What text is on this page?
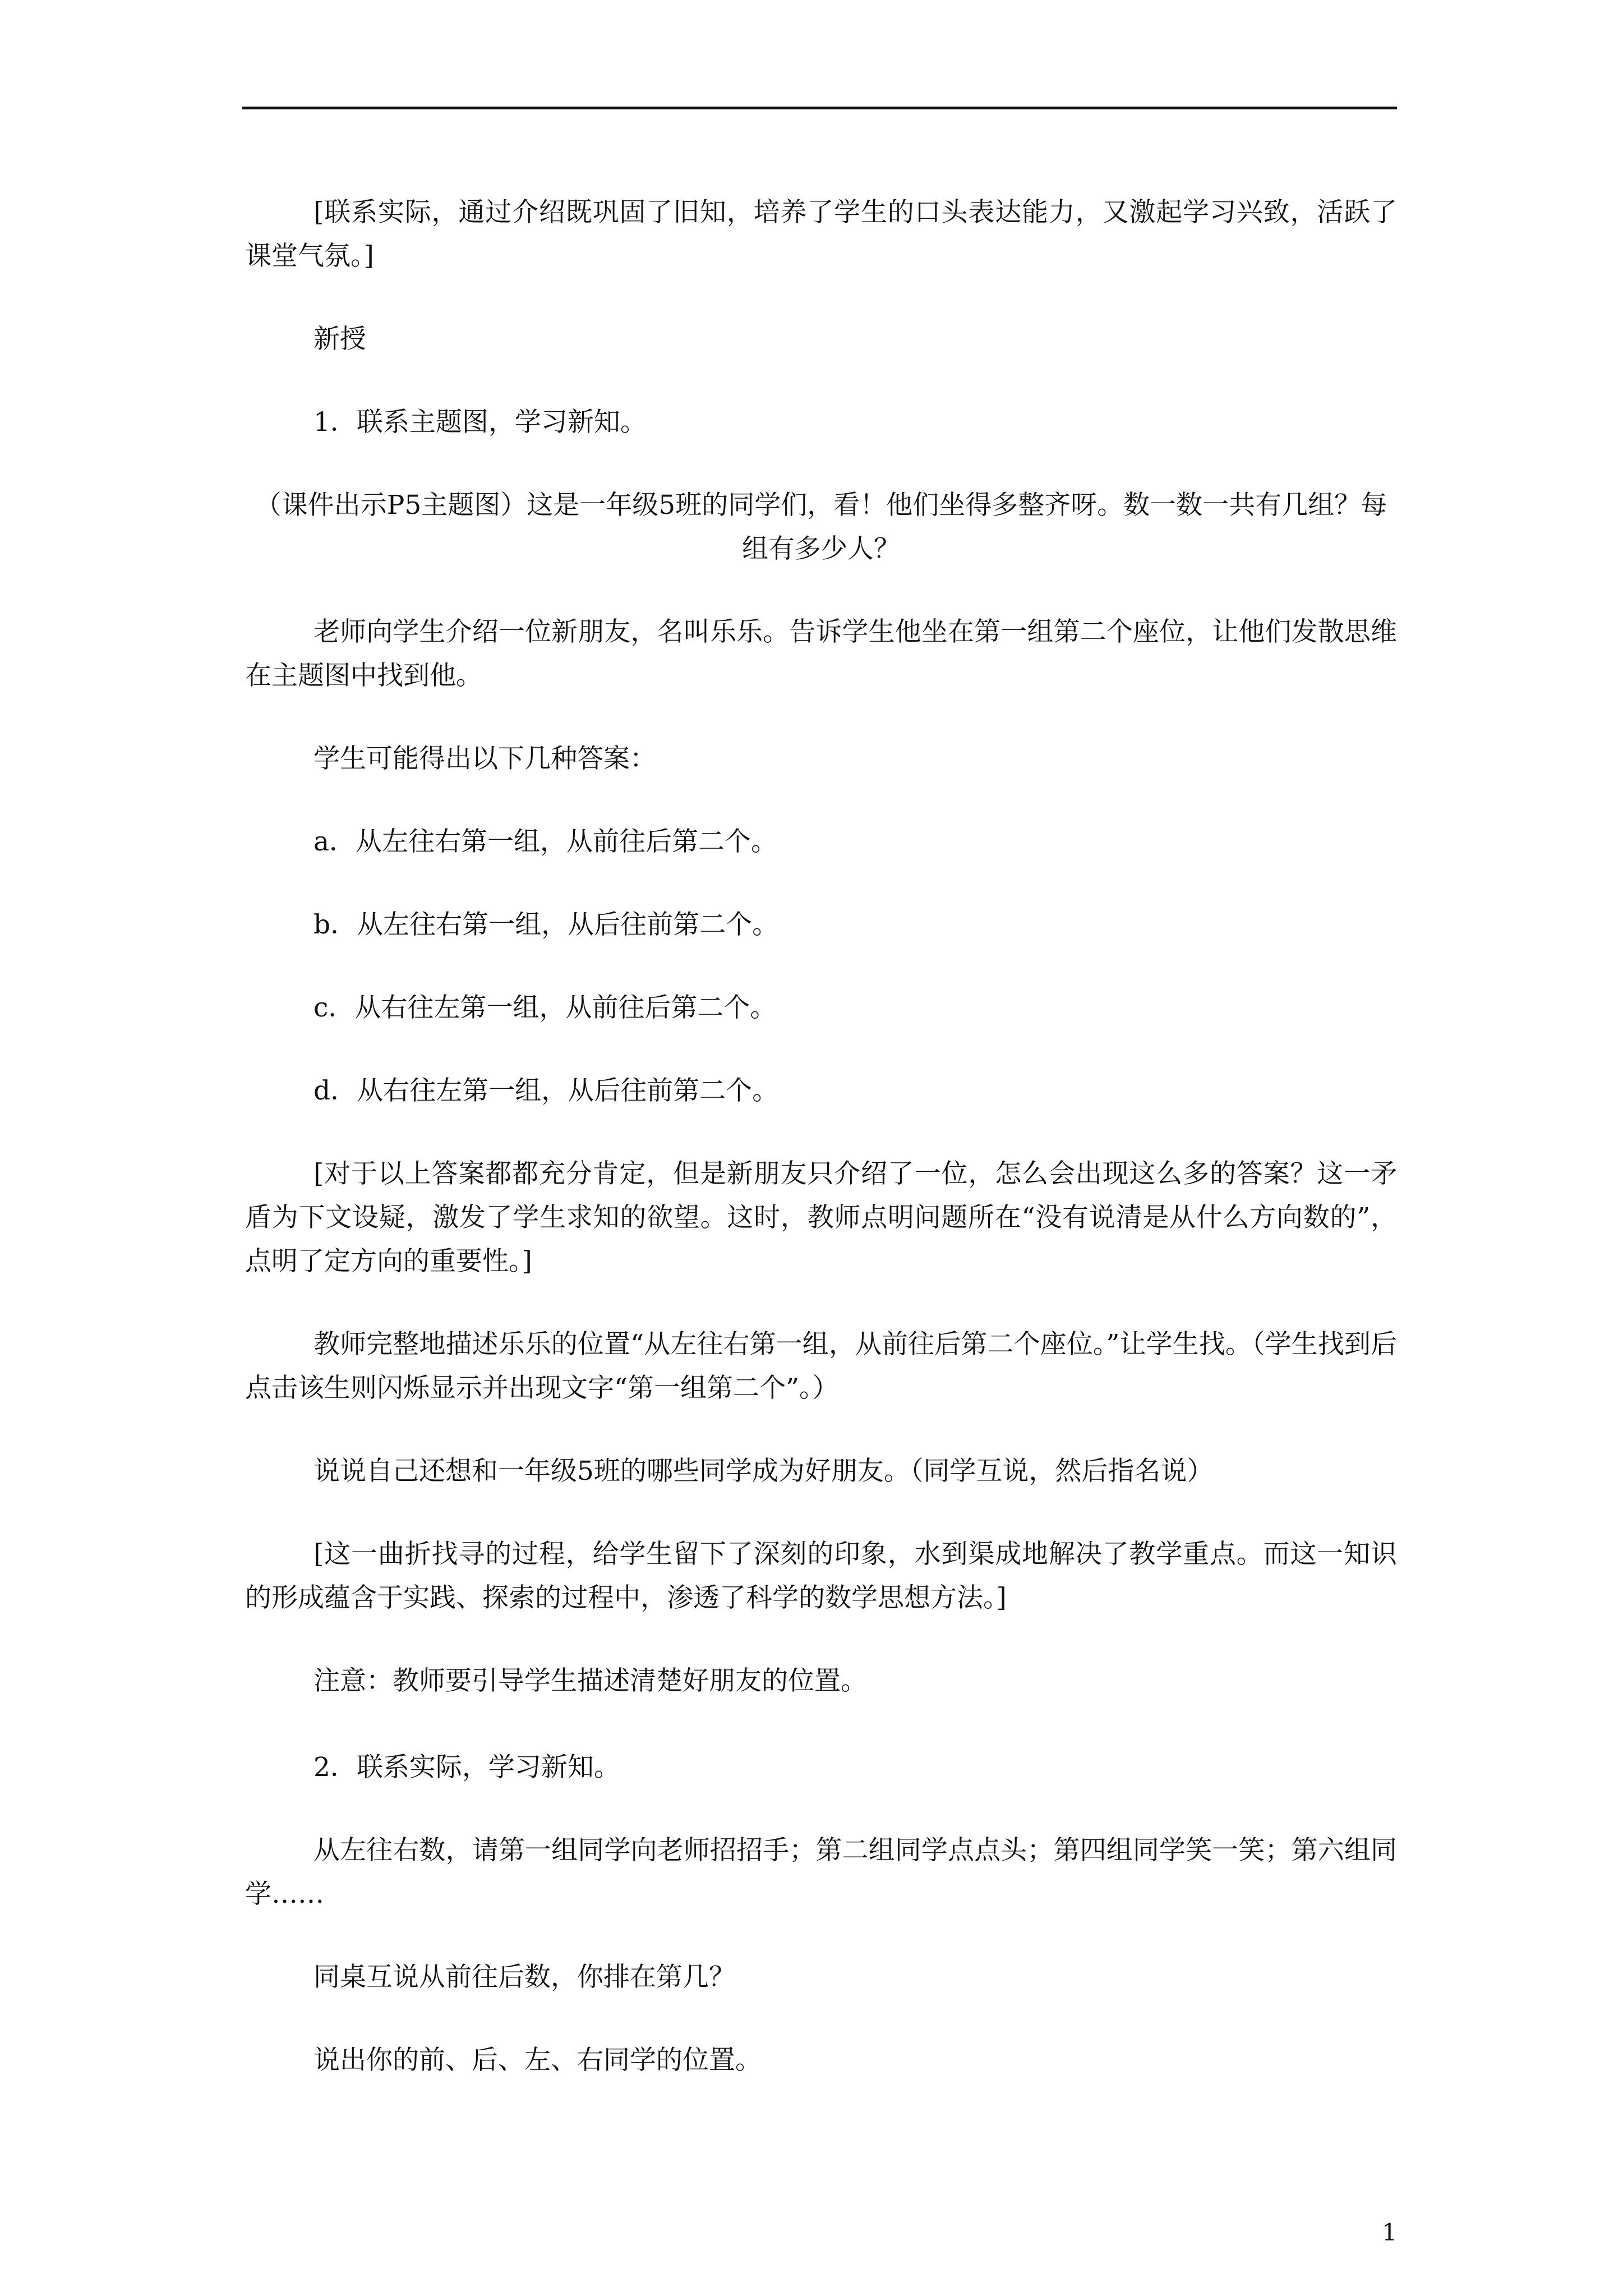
[联系实际，通过介绍既巩固了旧知，培养了学生的口头表达能力，又激起学习兴致，活跃了课堂气氛。]

新授

1．联系主题图，学习新知。

（课件出示P5主题图）这是一年级5班的同学们，看！他们坐得多整齐呀。数一数一共有几组？每组有多少人？

老师向学生介绍一位新朋友，名叫乐乐。告诉学生他坐在第一组第二个座位，让他们发散思维在主题图中找到他。

学生可能得出以下几种答案：

a．从左往右第一组，从前往后第二个。

b．从左往右第一组，从后往前第二个。

c．从右往左第一组，从前往后第二个。

d．从右往左第一组，从后往前第二个。

[对于以上答案都都充分肯定，但是新朋友只介绍了一位，怎么会出现这么多的答案？这一矛盾为下文设疑，激发了学生求知的欲望。这时，教师点明问题所在“没有说清是从什么方向数的”，点明了定方向的重要性。]

教师完整地描述乐乐的位置“从左往右第一组，从前往后第二个座位。”让学生找。（学生找到后点击该生则闪烁显示并出现文字“第一组第二个”。）

说说自己还想和一年级5班的哪些同学成为好朋友。（同学互说，然后指名说）

[这一曲折找寻的过程，给学生留下了深刻的印象，水到渠成地解决了教学重点。而这一知识的形成蕴含于实践、探索的过程中，渗透了科学的数学思想方法。]

注意：教师要引导学生描述清楚好朋友的位置。

2．联系实际，学习新知。

从左往右数，请第一组同学向老师招招手；第二组同学点点头；第四组同学笑一笑；第六组同学……

同桌互说从前往后数，你排在第几？

说出你的前、后、左、右同学的位置。

1
